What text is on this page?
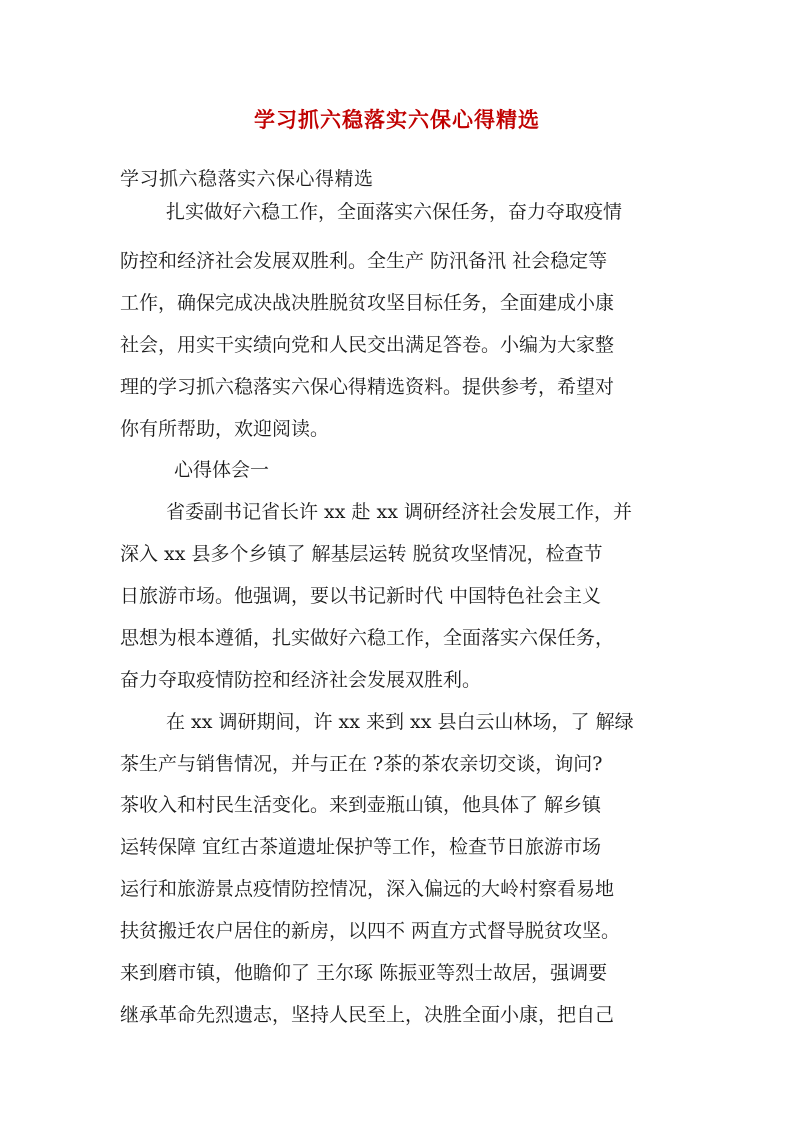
学习抓六稳落实六保心得精选
学习抓六稳落实六保心得精选
扎实做好六稳工作，全面落实六保任务，奋力夺取疫情
防控和经济社会发展双胜利。全生产 防汛备汛 社会稳定等
工作，确保完成决战决胜脱贫攻坚目标任务，全面建成小康
社会，用实干实绩向党和人民交出满足答卷。小编为大家整
理的学习抓六稳落实六保心得精选资料。提供参考，希望对
你有所帮助，欢迎阅读。
心得体会一
省委副书记省长许 xx 赴 xx 调研经济社会发展工作，并
深入 xx 县多个乡镇了 解基层运转 脱贫攻坚情况，检查节
日旅游市场。他强调，要以书记新时代 中国特色社会主义
思想为根本遵循，扎实做好六稳工作，全面落实六保任务，
奋力夺取疫情防控和经济社会发展双胜利。
在 xx 调研期间，许 xx 来到 xx 县白云山林场，了 解绿
茶生产与销售情况，并与正在 ?茶的茶农亲切交谈，询问?
茶收入和村民生活变化。来到壶瓶山镇，他具体了 解乡镇
运转保障 宜红古茶道遗址保护等工作，检查节日旅游市场
运行和旅游景点疫情防控情况，深入偏远的大岭村察看易地
扶贫搬迁农户居住的新房，以四不 两直方式督导脱贫攻坚。
来到磨市镇，他瞻仰了 王尔琢 陈振亚等烈士故居，强调要
继承革命先烈遗志，坚持人民至上，决胜全面小康，把自己
